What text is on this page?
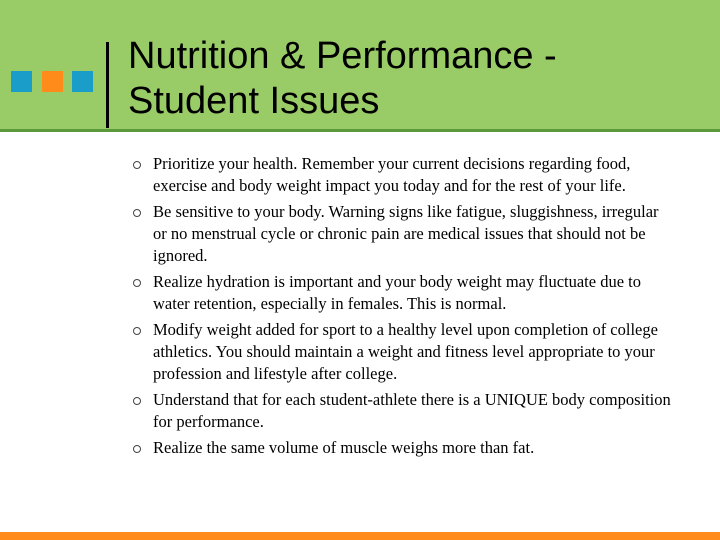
Nutrition & Performance -
Student Issues
Prioritize your health. Remember your current decisions regarding food, exercise and body weight impact you today and for the rest of your life.
Be sensitive to your body. Warning signs like fatigue, sluggishness, irregular or no menstrual cycle or chronic pain are medical issues that should not be ignored.
Realize hydration is important and your body weight may fluctuate due to water retention, especially in females. This is normal.
Modify weight added for sport to a healthy level upon completion of college athletics. You should maintain a weight and fitness level appropriate to your profession and lifestyle after college.
Understand that for each student-athlete there is a UNIQUE body composition for performance.
Realize the same volume of muscle weighs more than fat.
